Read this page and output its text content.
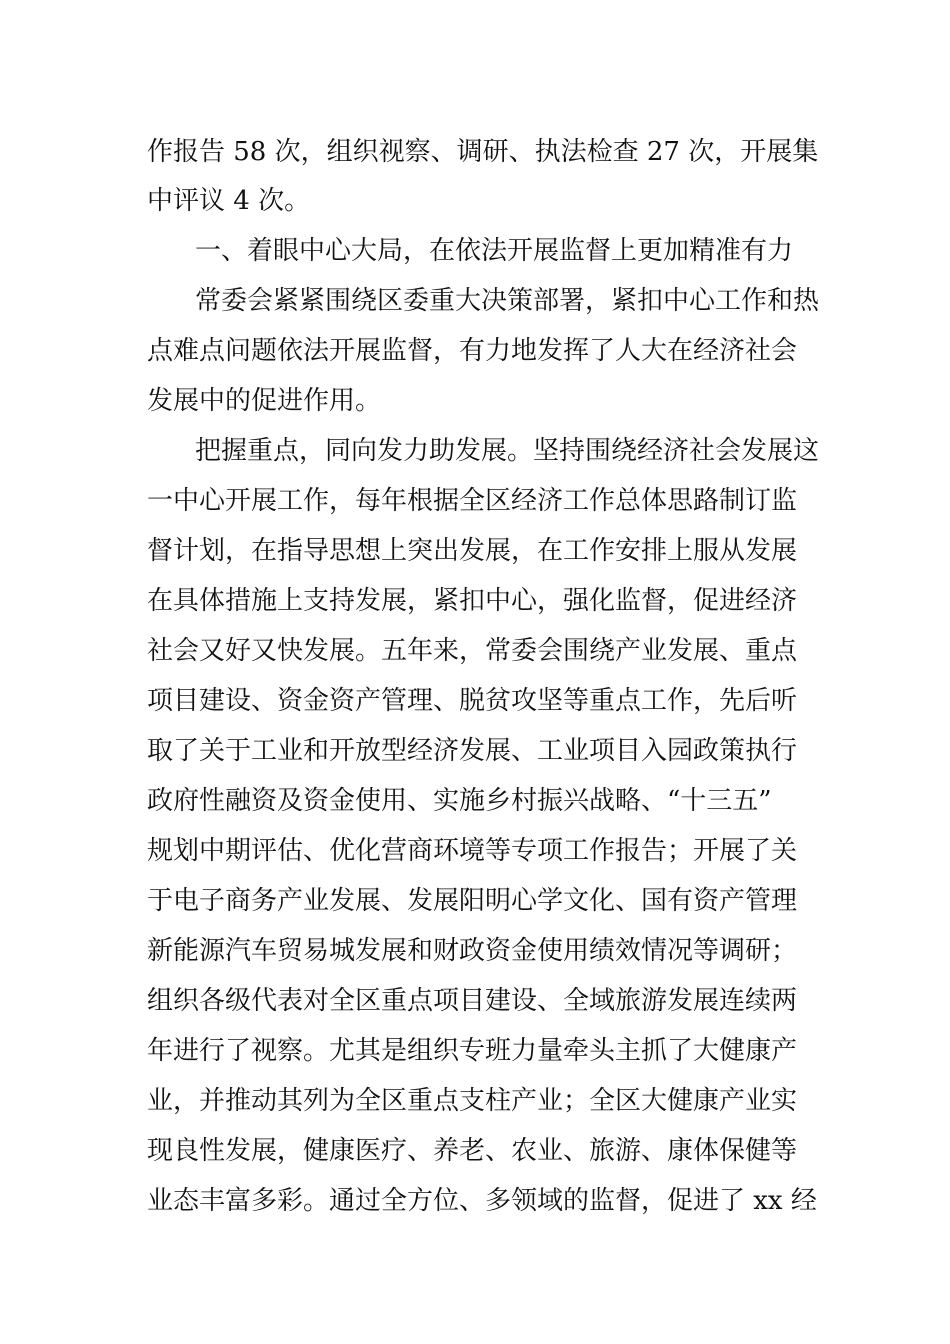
作报告 58 次，组织视察、调研、执法检查 27 次，开展集
中评议 4 次。
一、着眼中心大局，在依法开展监督上更加精准有力
常委会紧紧围绕区委重大决策部署，紧扣中心工作和热
点难点问题依法开展监督，有力地发挥了人大在经济社会
发展中的促进作用。
把握重点，同向发力助发展。坚持围绕经济社会发展这
一中心开展工作，每年根据全区经济工作总体思路制订监
督计划，在指导思想上突出发展，在工作安排上服从发展
在具体措施上支持发展，紧扣中心，强化监督，促进经济
社会又好又快发展。五年来，常委会围绕产业发展、重点
项目建设、资金资产管理、脱贫攻坚等重点工作，先后听
取了关于工业和开放型经济发展、工业项目入园政策执行
政府性融资及资金使用、实施乡村振兴战略、“十三五”
规划中期评估、优化营商环境等专项工作报告；开展了关
于电子商务产业发展、发展阳明心学文化、国有资产管理
新能源汽车贸易城发展和财政资金使用绩效情况等调研；
组织各级代表对全区重点项目建设、全域旅游发展连续两
年进行了视察。尤其是组织专班力量牵头主抓了大健康产
业，并推动其列为全区重点支柱产业；全区大健康产业实
现良性发展，健康医疗、养老、农业、旅游、康体保健等
业态丰富多彩。通过全方位、多领域的监督，促进了 xx 经
